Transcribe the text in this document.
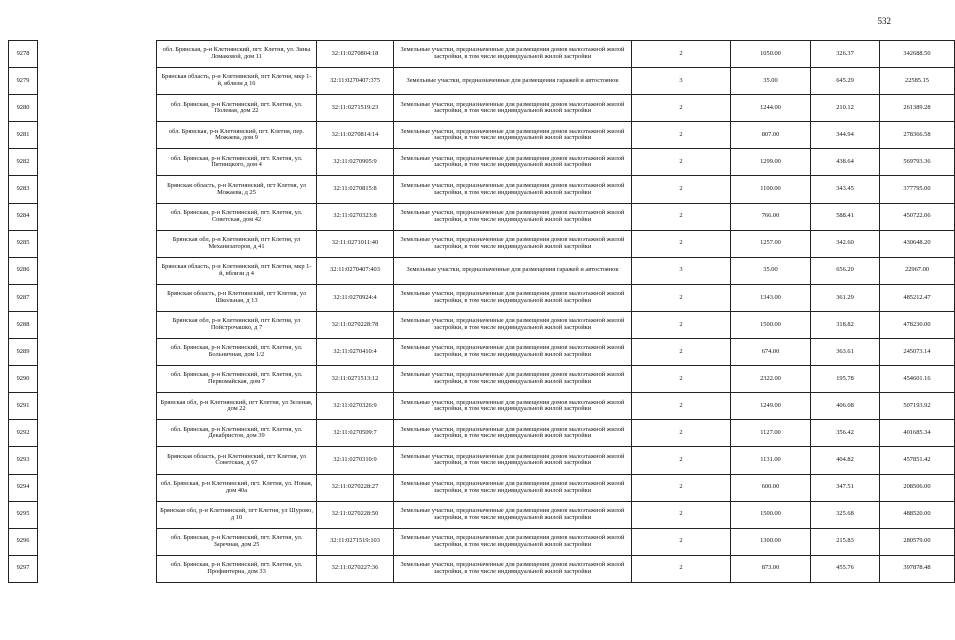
532
9278		обл. Брянская, р-н Клетнянский, пгт. Клетня, ул. Зины Ломаковой, дом 11	32:11:0270804:18	Земельные участки, предназначенные для размещения домов малоэтажной жилой застройки, в том числе индивидуальной жилой застройки	2	1050.00	326.37	342688.50
9279		Брянская область, р-н Клетнянский, пгт Клетня, мкр 1-й, вблизи д 16	32:11:0270407:375	Земельные участки, предназначенные для размещения гаражей и автостоянок	3	35.00	645.29	22585.15
9280		обл. Брянская, р-н Клетнянский, пгт. Клетня, ул. Полевая, дом 22	32:11:0271519:23	Земельные участки, предназначенные для размещения домов малоэтажной жилой застройки, в том числе индивидуальной жилой застройки	2	1244.00	210.12	261389.28
9281		обл. Брянская, р-н Клетнянский, пгт. Клетня, пер. Можаева, дом 9	32:11:0270814:14	Земельные участки, предназначенные для размещения домов малоэтажной жилой застройки, в том числе индивидуальной жилой застройки	2	807.00	344.94	278366.58
9282		обл. Брянская, р-н Клетнянский, пгт. Клетня, ул. Пятницкого, дом 4	32:11:0270905:9	Земельные участки, предназначенные для размещения домов малоэтажной жилой застройки, в том числе индивидуальной жилой застройки	2	1299.00	438.64	569793.36
9283		Брянская область, р-н Клетнянский, пгт Клетня, ул Можаева, д 25	32:11:0270815:8	Земельные участки, предназначенные для размещения домов малоэтажной жилой застройки, в том числе индивидуальной жилой застройки	2	1100.00	343.45	377795.00
9284		обл. Брянская, р-н Клетнянский, пгт. Клетня, ул. Советская, дом 42	32:11:0270323:8	Земельные участки, предназначенные для размещения домов малоэтажной жилой застройки, в том числе индивидуальной жилой застройки	2	766.00	588.41	450722.06
9285		Брянская обл, р-н Клетнянский, пгт Клетня, ул Механизаторов, д 41	32:11:0271011:40	Земельные участки, предназначенные для размещения домов малоэтажной жилой застройки, в том числе индивидуальной жилой застройки	2	1257.00	342.60	430648.20
9286		Брянская область, р-н Клетнянский, пгт Клетня, мкр 1-й, вблизи д 4	32:11:0270407:403	Земельные участки, предназначенные для размещения гаражей и автостоянок	3	35.00	656.20	22967.00
9287		Брянская область, р-н Клетнянский, пгт Клетня, ул Школьная, д 13	32:11:0270924:4	Земельные участки, предназначенные для размещения домов малоэтажной жилой застройки, в том числе индивидуальной жилой застройки	2	1343.00	361.29	485212.47
9288		Брянская обл, р-н Клетнянский, пгт Клетня, ул Пойстрочашко, д 7	32:11:0270228:78	Земельные участки, предназначенные для размещения домов малоэтажной жилой застройки, в том числе индивидуальной жилой застройки	2	1500.00	318.82	478230.00
9289		обл. Брянская, р-н Клетнянский, пгт. Клетня, ул. Больничная, дом 1/2	32:11:0270410:4	Земельные участки, предназначенные для размещения домов малоэтажной жилой застройки, в том числе индивидуальной жилой застройки	2	674.00	363.61	245073.14
9290		обл. Брянская, р-н Клетнянский, пгт. Клетня, ул. Первомайская, дом 7	32:11:0271513:12	Земельные участки, предназначенные для размещения домов малоэтажной жилой застройки, в том числе индивидуальной жилой застройки	2	2322.00	195.78	454601.16
9291		Брянская обл, р-н Клетнянский, пгт Клетня, ул Зеленая, дом 22	32:11:0270326:9	Земельные участки, предназначенные для размещения домов малоэтажной жилой застройки, в том числе индивидуальной жилой застройки	2	1249.00	406.08	507193.92
9292		обл. Брянская, р-н Клетнянский, пгт. Клетня, ул. Декабристов, дом 39	32:11:0270509:7	Земельные участки, предназначенные для размещения домов малоэтажной жилой застройки, в том числе индивидуальной жилой застройки	2	1127.00	356.42	401685.34
9293		Брянская область, р-н Клетнянский, пгт Клетня, ул Советская, д 67	32:11:0270310:9	Земельные участки, предназначенные для размещения домов малоэтажной жилой застройки, в том числе индивидуальной жилой застройки	2	1131.00	404.82	457851.42
9294		обл. Брянская, р-н Клетнянский, пгт. Клетня, ул. Новая, дом 40а	32:11:0270228:27	Земельные участки, предназначенные для размещения домов малоэтажной жилой застройки, в том числе индивидуальной жилой застройки	2	600.00	347.51	208506.00
9295		Брянская обл, р-н Клетнянский, пгт Клетня, ул Шурово, д 10	32:11:0270228:50	Земельные участки, предназначенные для размещения домов малоэтажной жилой застройки, в том числе индивидуальной жилой застройки	2	1500.00	325.68	488520.00
9296		обл. Брянская, р-н Клетнянский, пгт. Клетня, ул. Заречная, дом 25	32:11:0271519:103	Земельные участки, предназначенные для размещения домов малоэтажной жилой застройки, в том числе индивидуальной жилой застройки	2	1300.00	215.83	280579.00
9297		обл. Брянская, р-н Клетнянский, пгт. Клетня, ул. Профинтерна, дом 33	32:11:0270227:36	Земельные участки, предназначенные для размещения домов малоэтажной жилой застройки, в том числе индивидуальной жилой застройки	2	873.00	455.76	397878.48
